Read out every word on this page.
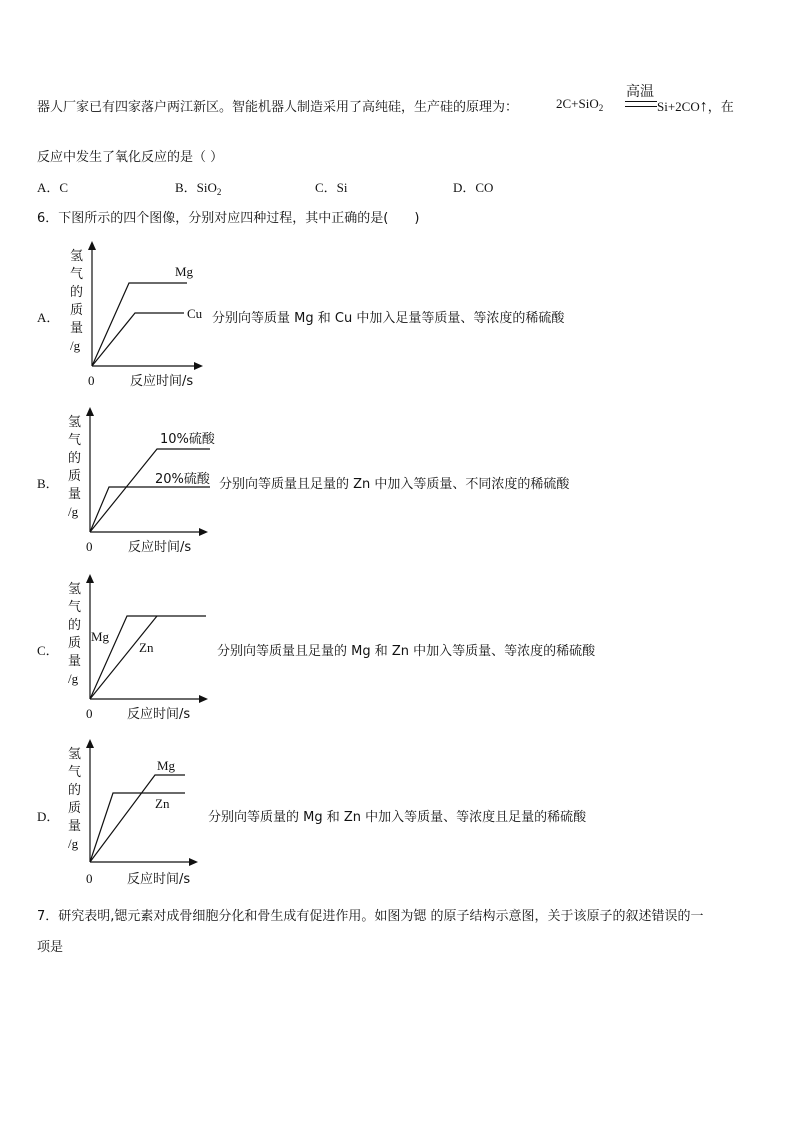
器人厂家已有四家落户两江新区。智能机器人制造采用了高纯硅，生产硅的原理为：	2C+SiO$_2$
高温
Si+2CO↑，在
反应中发生了氧化反应的是（ ）
A．C	B．SiO$_2$	C．Si	D．CO
6．下图所示的四个图像，分别对应四种过程，其中正确的是(　　)
A．
氢
气
的
质
量
/g
0	反应时间/s
Mg
Cu 分别向等质量 Mg 和 Cu 中加入足量等质量、等浓度的稀硫酸
B．
氢
气
的
质
量
/g
0	反应时间/s
10%硫酸
20%硫酸 分别向等质量且足量的 Zn 中加入等质量、不同浓度的稀硫酸
C．
氢
气
的
质
量
/g
0	反应时间/s
Mg
Zn	分别向等质量且足量的 Mg 和 Zn 中加入等质量、等浓度的稀硫酸
D．
氢
气
的
质
量
/g
0	反应时间/s
Mg
Zn
分别向等质量的 Mg 和 Zn 中加入等质量、等浓度且足量的稀硫酸
7．研究表明,锶元素对成骨细胞分化和骨生成有促进作用。如图为锶 的原子结构示意图，关于该原子的叙述错误的一
项是
